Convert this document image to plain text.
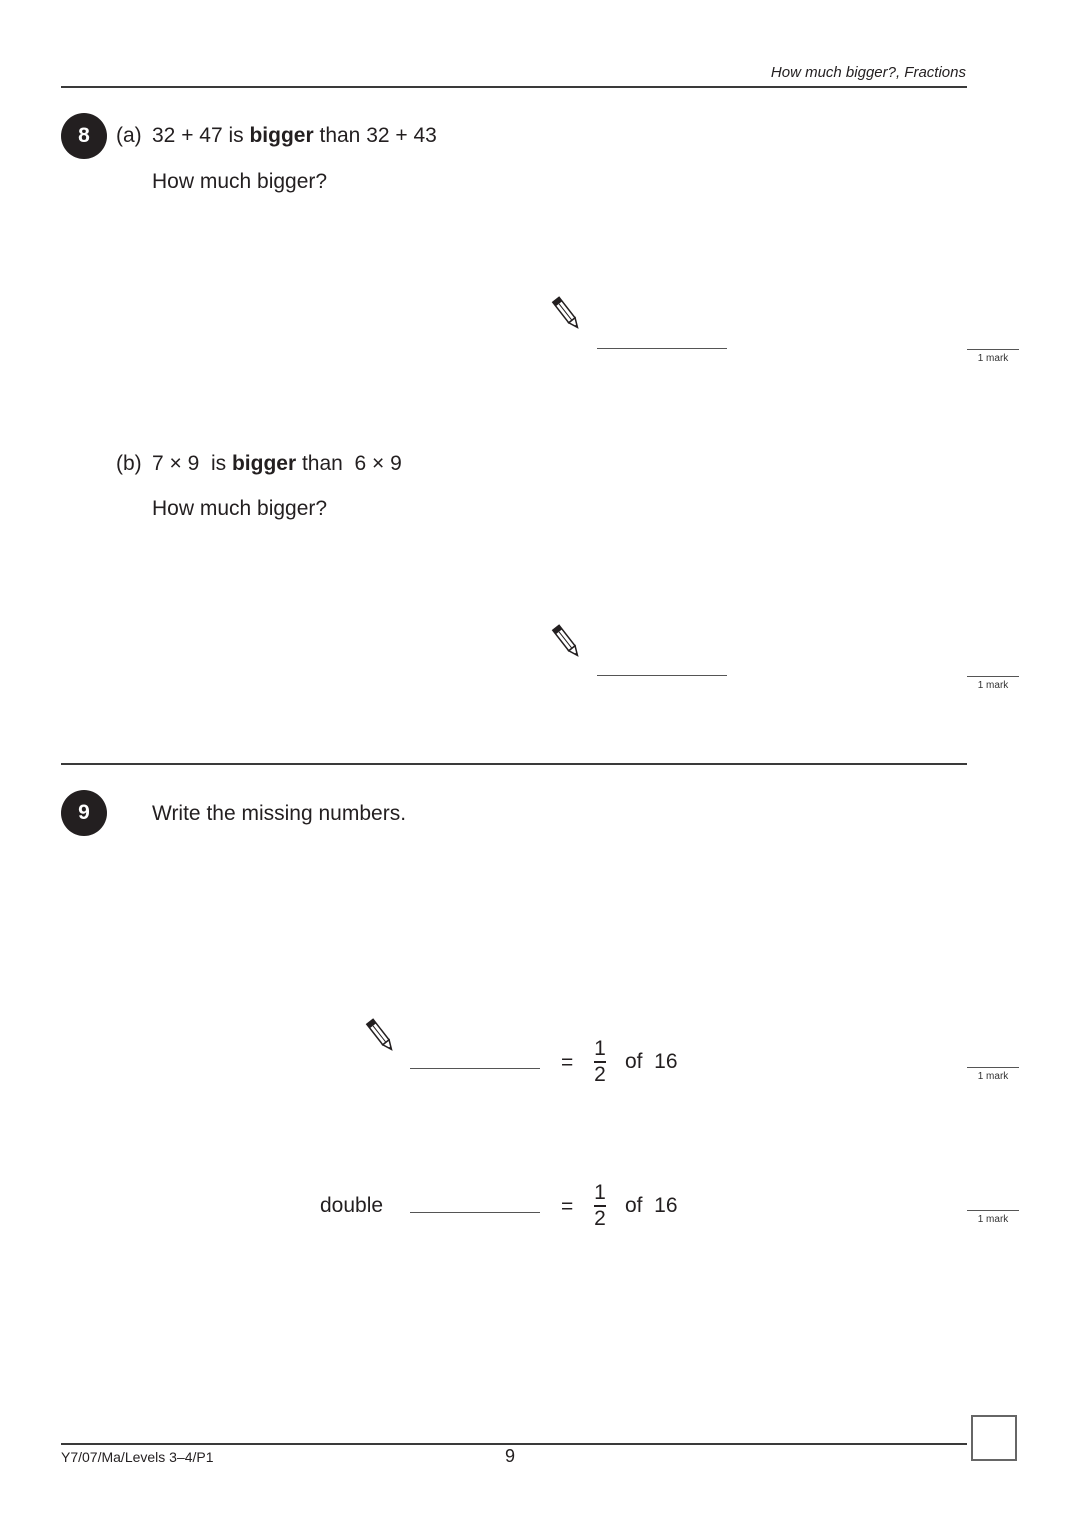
How much bigger?, Fractions
8	(a) 32 + 47 is bigger than 32 + 43
How much bigger?
1 mark
(b) 7 × 9  is bigger than  6 × 9
How much bigger?
1 mark
9	Write the missing numbers.
=
1
2
of  16
1 mark
double	=
1
2
of  16
1 mark
Y7/07/Ma/Levels 3–4/P1	9
